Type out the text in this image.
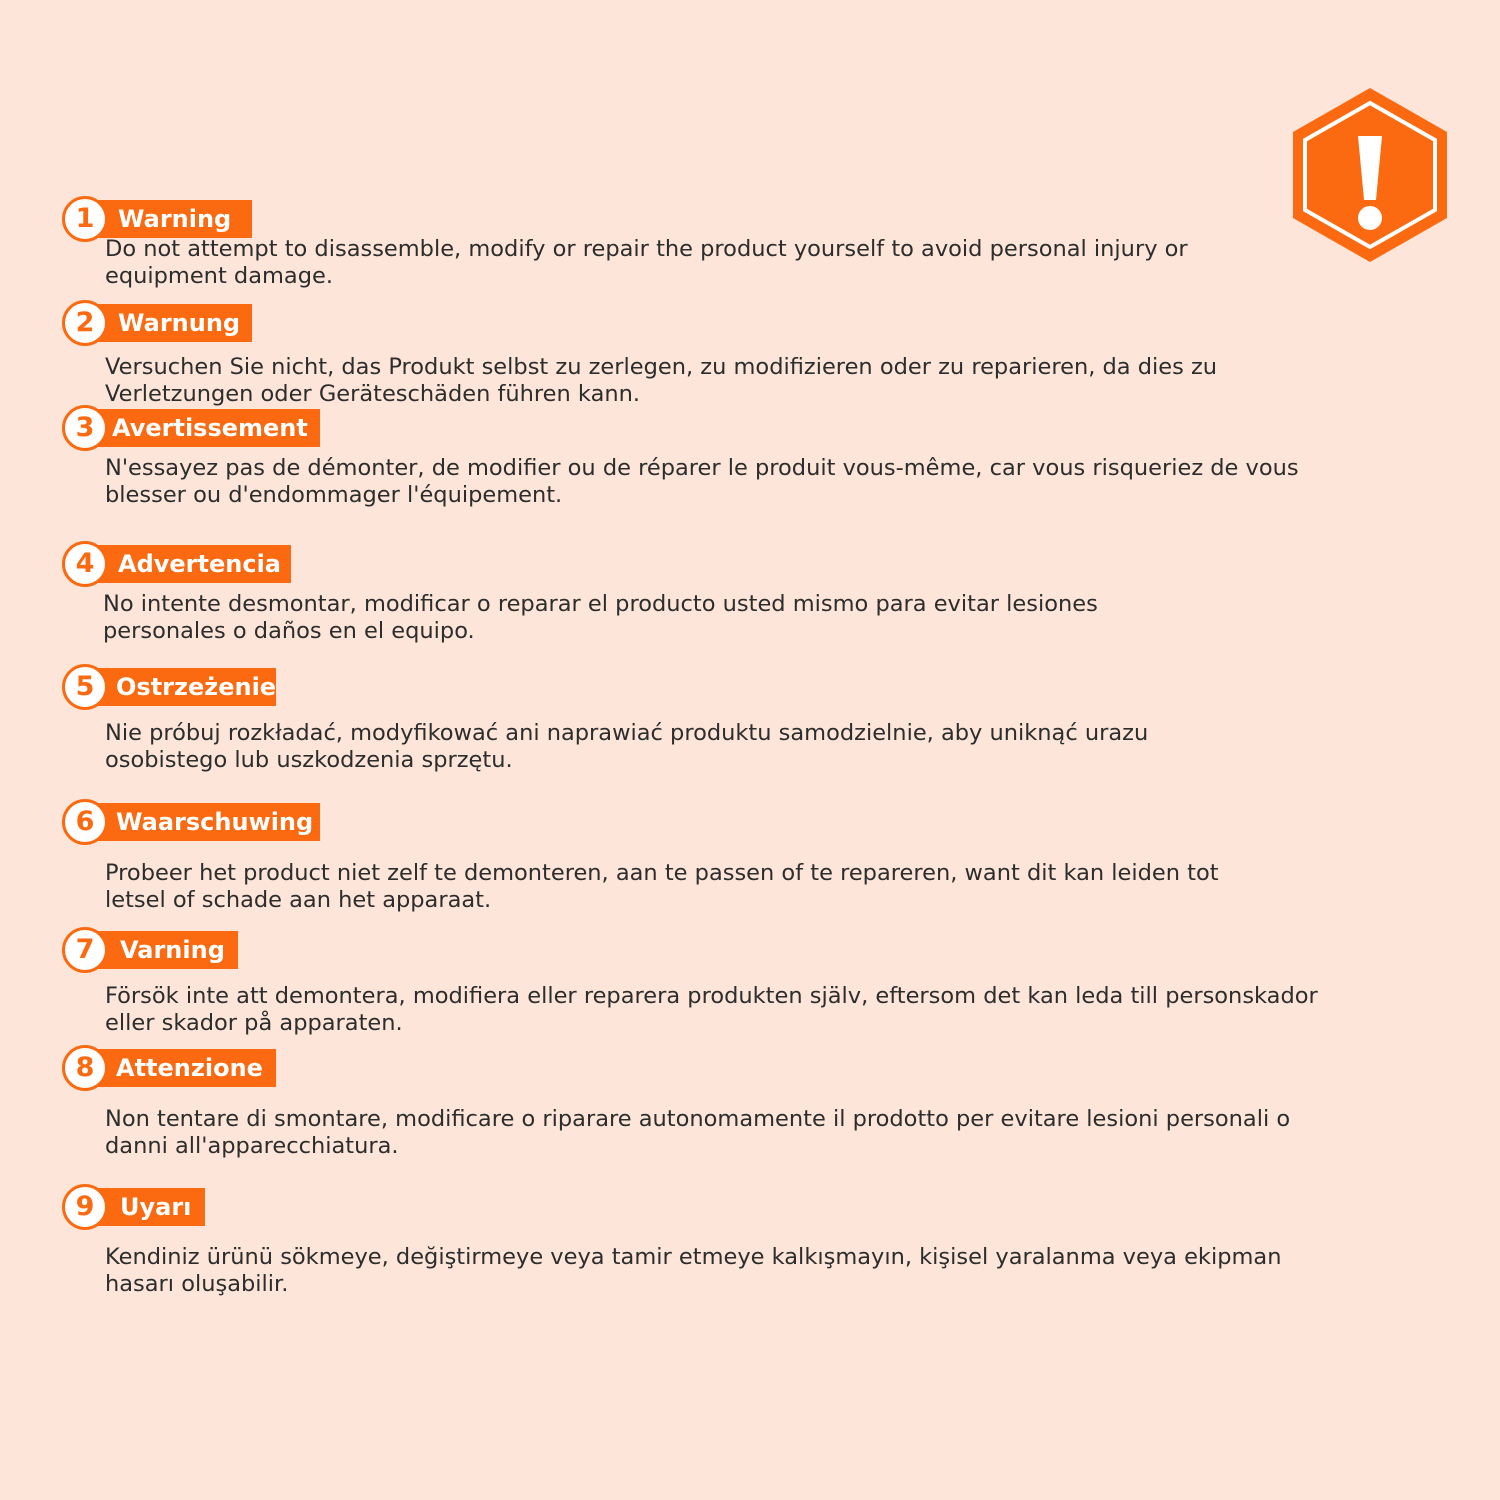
1 Warning

Do not attempt to disassemble, modify or repair the product yourself to avoid personal injury or equipment damage.

2 Warnung

Versuchen Sie nicht, das Produkt selbst zu zerlegen, zu modifizieren oder zu reparieren, da dies zu Verletzungen oder Geräteschäden führen kann.

3 Avertissement

N'essayez pas de démonter, de modifier ou de réparer le produit vous-même, car vous risqueriez de vous blesser ou d'endommager l'équipement.

4 Advertencia

No intente desmontar, modificar o reparar el producto usted mismo para evitar lesiones personales o daños en el equipo.

5 Ostrzeżenie

Nie próbuj rozkładać, modyfikować ani naprawiać produktu samodzielnie, aby uniknąć urazu osobistego lub uszkodzenia sprzętu.

6 Waarschuwing

Probeer het product niet zelf te demonteren, aan te passen of te repareren, want dit kan leiden tot letsel of schade aan het apparaat.

7	Varning

Försök inte att demontera, modifiera eller reparera produkten själv, eftersom det kan leda till personskador eller skador på apparaten.

8 Attenzione

Non tentare di smontare, modificare o riparare autonomamente il prodotto per evitare lesioni personali o danni all'apparecchiatura.

9	Uyarı

Kendiniz ürünü sökmeye, değiştirmeye veya tamir etmeye kalkışmayın, kişisel yaralanma veya ekipman hasarı oluşabilir.
